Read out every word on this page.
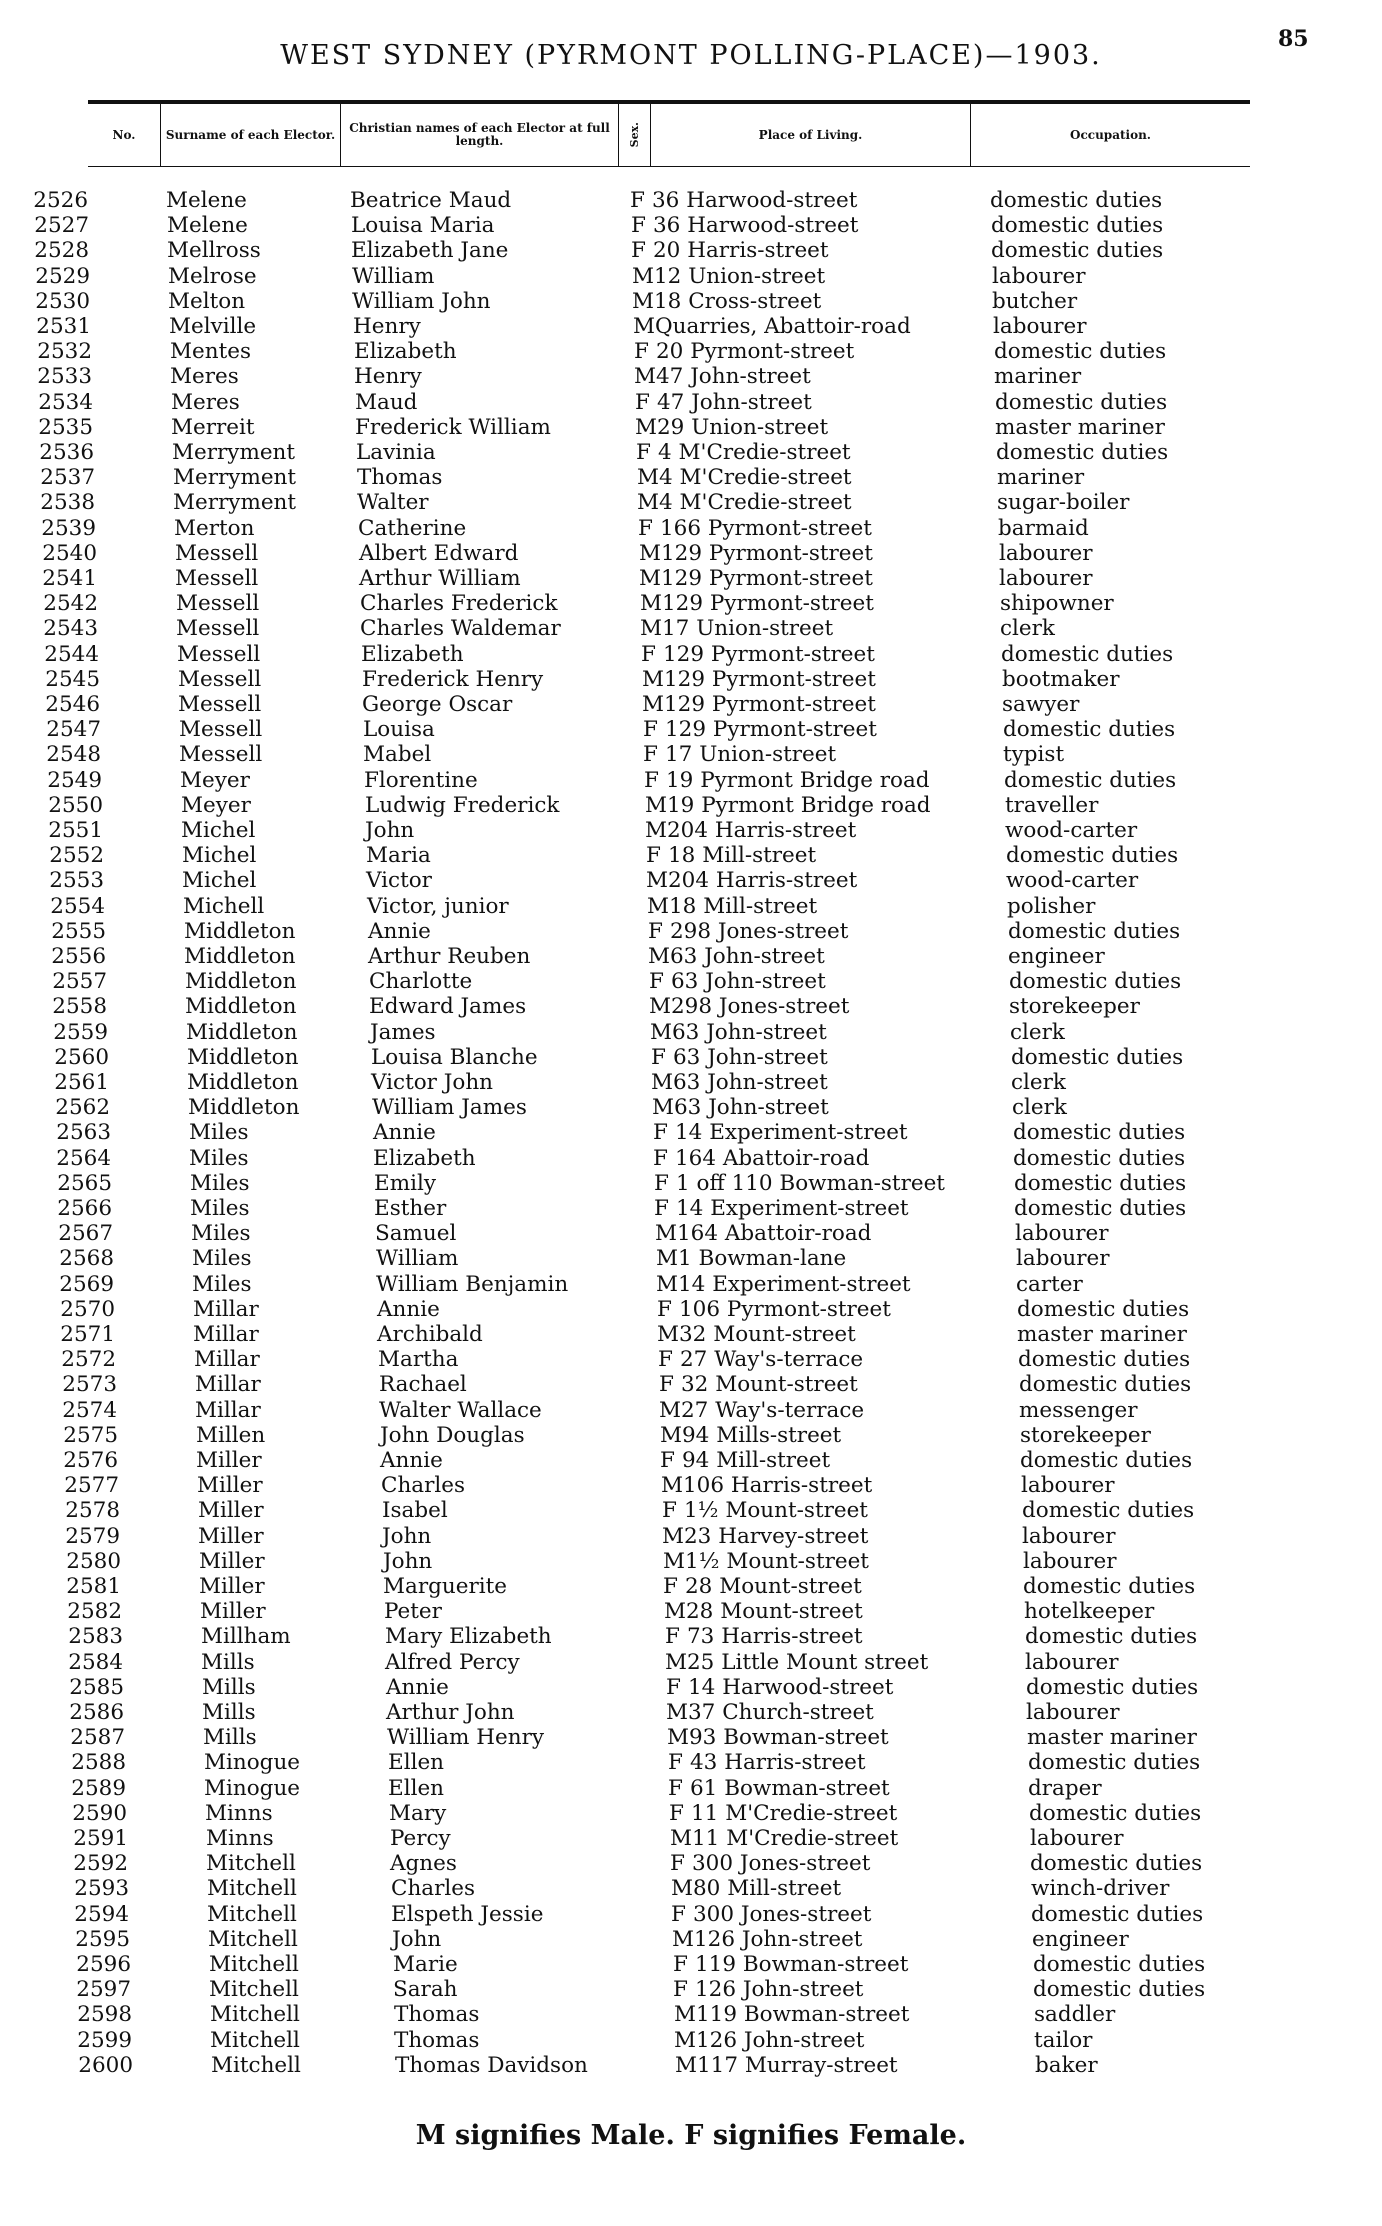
WEST SYDNEY (PYRMONT POLLING-PLACE)—1903.
85
No.	Surname of each Elector.	Christian names of each Elector at full length.	Sex.	Place of Living.	Occupation.
2526	Melene	Beatrice Maud	F 36 Harwood-street	domestic duties
2527	Melene	Louisa Maria	F 36 Harwood-street	domestic duties
2528	Mellross	Elizabeth Jane	F 20 Harris-street	domestic duties
2529	Melrose	William	M 12 Union-street	labourer
2530	Melton	William John	M 18 Cross-street	butcher
2531	Melville	Henry	M Quarries, Abattoir-road	labourer
2532	Mentes	Elizabeth	F 20 Pyrmont-street	domestic duties
2533	Meres	Henry	M 47 John-street	mariner
2534	Meres	Maud	F 47 John-street	domestic duties
2535	Merreit	Frederick William	M 29 Union-street	master mariner
2536	Merryment	Lavinia	F 4 M'Credie-street	domestic duties
2537	Merryment	Thomas	M 4 M'Credie-street	mariner
2538	Merryment	Walter	M 4 M'Credie-street	sugar-boiler
2539	Merton	Catherine	F 166 Pyrmont-street	barmaid
2540	Messell	Albert Edward	M 129 Pyrmont-street	labourer
2541	Messell	Arthur William	M 129 Pyrmont-street	labourer
2542	Messell	Charles Frederick	M 129 Pyrmont-street	shipowner
2543	Messell	Charles Waldemar	M 17 Union-street	clerk
2544	Messell	Elizabeth	F 129 Pyrmont-street	domestic duties
2545	Messell	Frederick Henry	M 129 Pyrmont-street	bootmaker
2546	Messell	George Oscar	M 129 Pyrmont-street	sawyer
2547	Messell	Louisa	F 129 Pyrmont-street	domestic duties
2548	Messell	Mabel	F 17 Union-street	typist
2549	Meyer	Florentine	F 19 Pyrmont Bridge road	domestic duties
2550	Meyer	Ludwig Frederick	M 19 Pyrmont Bridge road	traveller
2551	Michel	John	M 204 Harris-street	wood-carter
2552	Michel	Maria	F 18 Mill-street	domestic duties
2553	Michel	Victor	M 204 Harris-street	wood-carter
2554	Michell	Victor, junior	M 18 Mill-street	polisher
2555	Middleton	Annie	F 298 Jones-street	domestic duties
2556	Middleton	Arthur Reuben	M 63 John-street	engineer
2557	Middleton	Charlotte	F 63 John-street	domestic duties
2558	Middleton	Edward James	M 298 Jones-street	storekeeper
2559	Middleton	James	M 63 John-street	clerk
2560	Middleton	Louisa Blanche	F 63 John-street	domestic duties
2561	Middleton	Victor John	M 63 John-street	clerk
2562	Middleton	William James	M 63 John-street	clerk
2563	Miles	Annie	F 14 Experiment-street	domestic duties
2564	Miles	Elizabeth	F 164 Abattoir-road	domestic duties
2565	Miles	Emily	F 1 off 110 Bowman-street	domestic duties
2566	Miles	Esther	F 14 Experiment-street	domestic duties
2567	Miles	Samuel	M 164 Abattoir-road	labourer
2568	Miles	William	M 1 Bowman-lane	labourer
2569	Miles	William Benjamin	M 14 Experiment-street	carter
2570	Millar	Annie	F 106 Pyrmont-street	domestic duties
2571	Millar	Archibald	M 32 Mount-street	master mariner
2572	Millar	Martha	F 27 Way's-terrace	domestic duties
2573	Millar	Rachael	F 32 Mount-street	domestic duties
2574	Millar	Walter Wallace	M 27 Way's-terrace	messenger
2575	Millen	John Douglas	M 94 Mills-street	storekeeper
2576	Miller	Annie	F 94 Mill-street	domestic duties
2577	Miller	Charles	M 106 Harris-street	labourer
2578	Miller	Isabel	F 1½ Mount-street	domestic duties
2579	Miller	John	M 23 Harvey-street	labourer
2580	Miller	John	M 1½ Mount-street	labourer
2581	Miller	Marguerite	F 28 Mount-street	domestic duties
2582	Miller	Peter	M 28 Mount-street	hotelkeeper
2583	Millham	Mary Elizabeth	F 73 Harris-street	domestic duties
2584	Mills	Alfred Percy	M 25 Little Mount street	labourer
2585	Mills	Annie	F 14 Harwood-street	domestic duties
2586	Mills	Arthur John	M 37 Church-street	labourer
2587	Mills	William Henry	M 93 Bowman-street	master mariner
2588	Minogue	Ellen	F 43 Harris-street	domestic duties
2589	Minogue	Ellen	F 61 Bowman-street	draper
2590	Minns	Mary	F 11 M'Credie-street	domestic duties
2591	Minns	Percy	M 11 M'Credie-street	labourer
2592	Mitchell	Agnes	F 300 Jones-street	domestic duties
2593	Mitchell	Charles	M 80 Mill-street	winch-driver
2594	Mitchell	Elspeth Jessie	F 300 Jones-street	domestic duties
2595	Mitchell	John	M 126 John-street	engineer
2596	Mitchell	Marie	F 119 Bowman-street	domestic duties
2597	Mitchell	Sarah	F 126 John-street	domestic duties
2598	Mitchell	Thomas	M 119 Bowman-street	saddler
2599	Mitchell	Thomas	M 126 John-street	tailor
2600	Mitchell	Thomas Davidson	M 117 Murray-street	baker
M signifies Male. F signifies Female.
